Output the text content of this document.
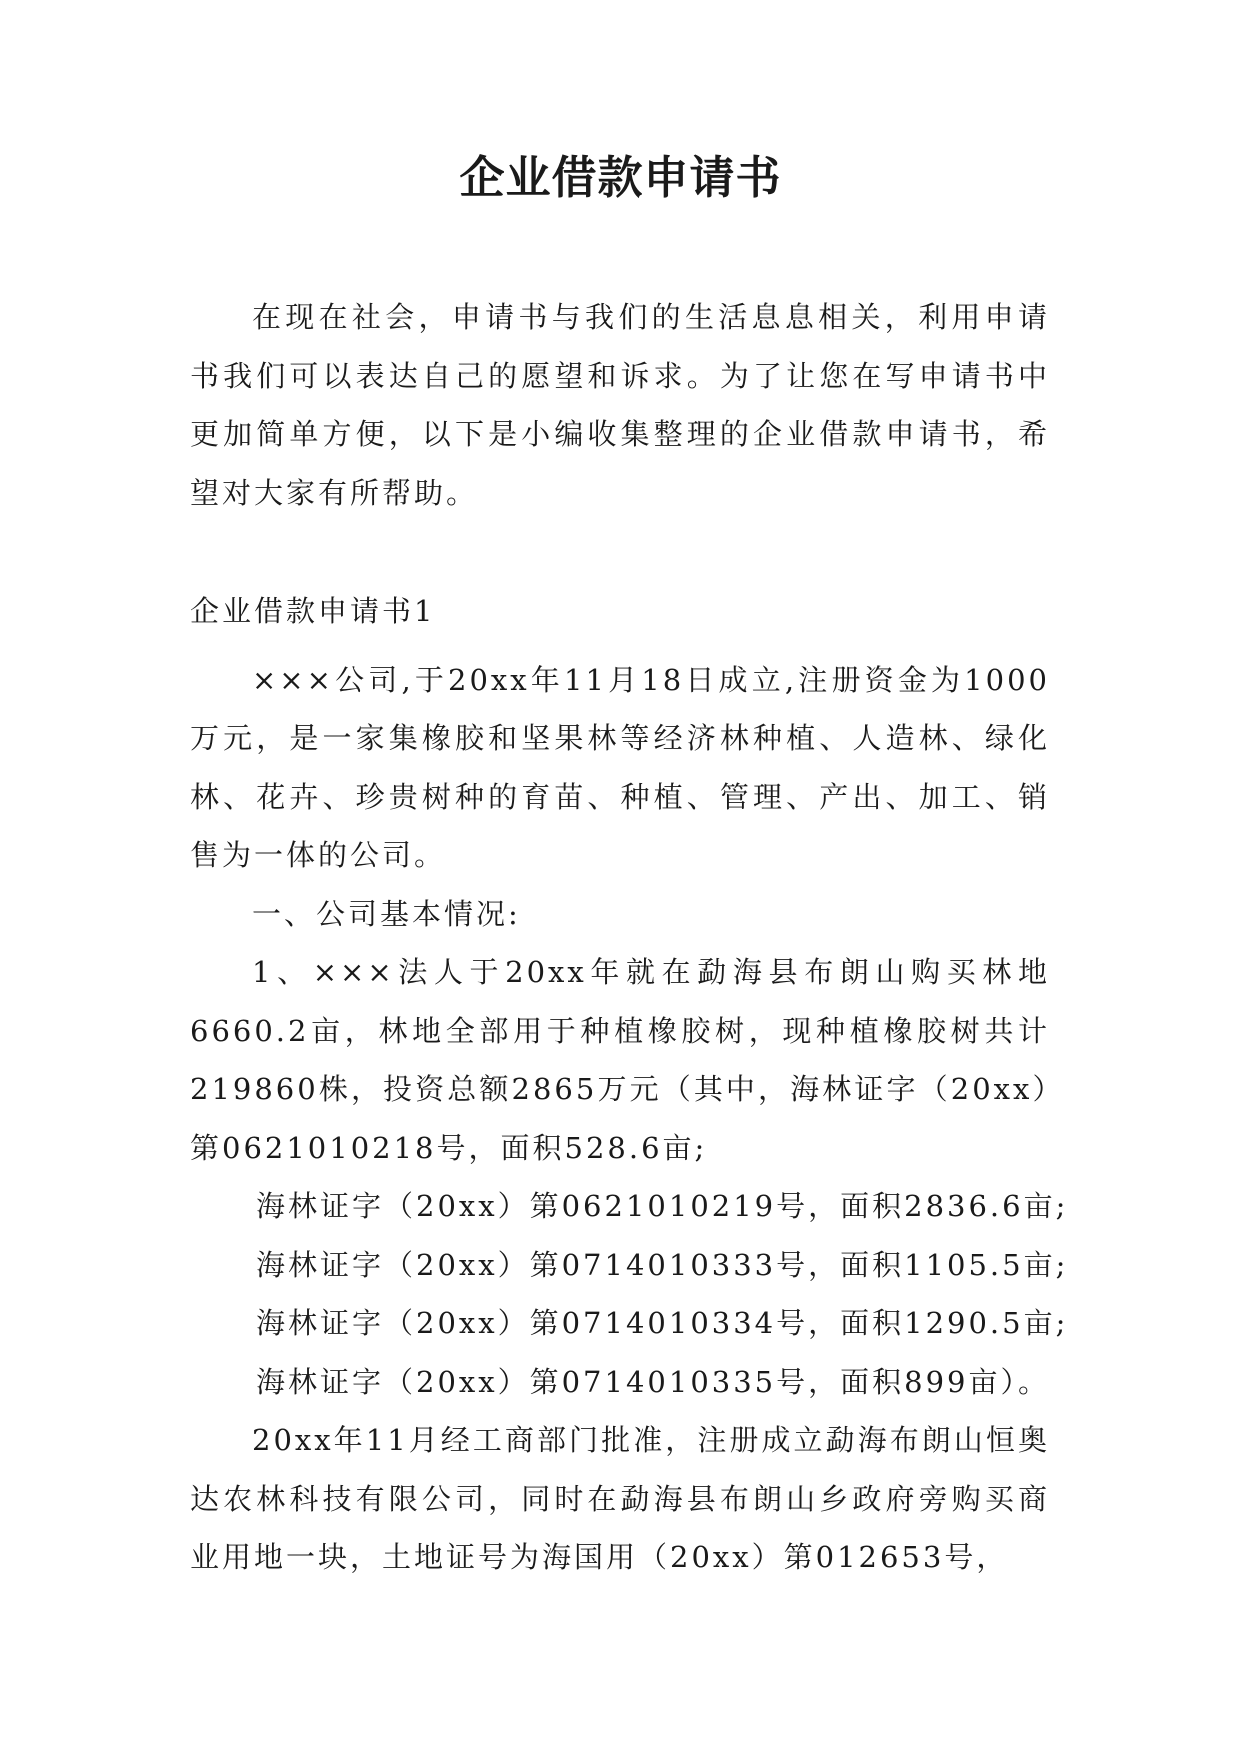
企业借款申请书

在现在社会，申请书与我们的生活息息相关，利用申请书我们可以表达自己的愿望和诉求。为了让您在写申请书中更加简单方便，以下是小编收集整理的企业借款申请书，希望对大家有所帮助。

企业借款申请书1

×××公司,于20xx年11月18日成立,注册资金为1000万元，是一家集橡胶和坚果林等经济林种植、人造林、绿化林、花卉、珍贵树种的育苗、种植、管理、产出、加工、销售为一体的公司。

一、公司基本情况:

1、×××法人于20xx年就在勐海县布朗山购买林地6660.2亩，林地全部用于种植橡胶树，现种植橡胶树共计219860株，投资总额2865万元（其中，海林证字（20xx）第0621010218号，面积528.6亩;

海林证字（20xx）第0621010219号，面积2836.6亩;

海林证字（20xx）第0714010333号，面积1105.5亩;

海林证字（20xx）第0714010334号，面积1290.5亩;

海林证字（20xx）第0714010335号，面积899亩）。

20xx年11月经工商部门批准，注册成立勐海布朗山恒奥达农林科技有限公司，同时在勐海县布朗山乡政府旁购买商业用地一块，土地证号为海国用（20xx）第012653号，
